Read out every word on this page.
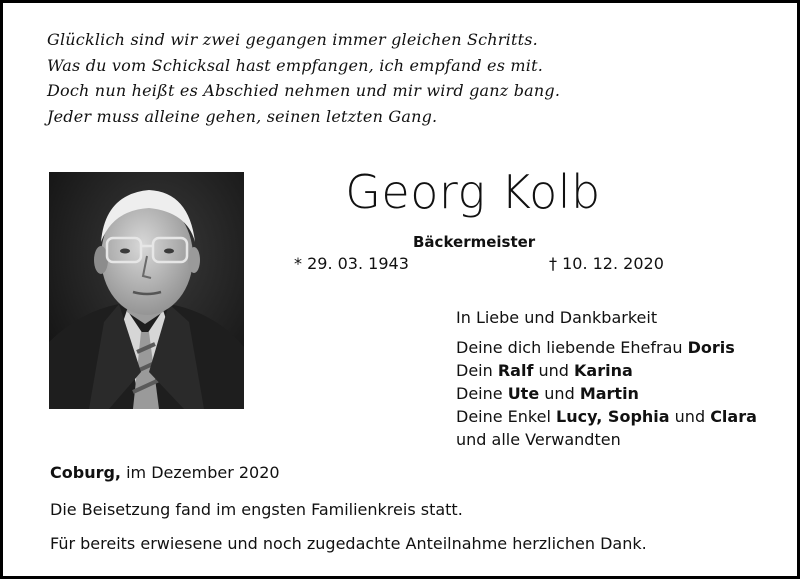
Glücklich sind wir zwei gegangen immer gleichen Schritts.
Was du vom Schicksal hast empfangen, ich empfand es mit.
Doch nun heißt es Abschied nehmen und mir wird ganz bang.
Jeder muss alleine gehen, seinen letzten Gang.
Georg Kolb
Bäckermeister
* 29. 03. 1943	† 10. 12. 2020
In Liebe und Dankbarkeit
Deine dich liebende Ehefrau Doris
Dein Ralf und Karina
Deine Ute und Martin
Deine Enkel Lucy, Sophia und Clara
und alle Verwandten
Coburg, im Dezember 2020
Die Beisetzung fand im engsten Familienkreis statt.
Für bereits erwiesene und noch zugedachte Anteilnahme herzlichen Dank.
